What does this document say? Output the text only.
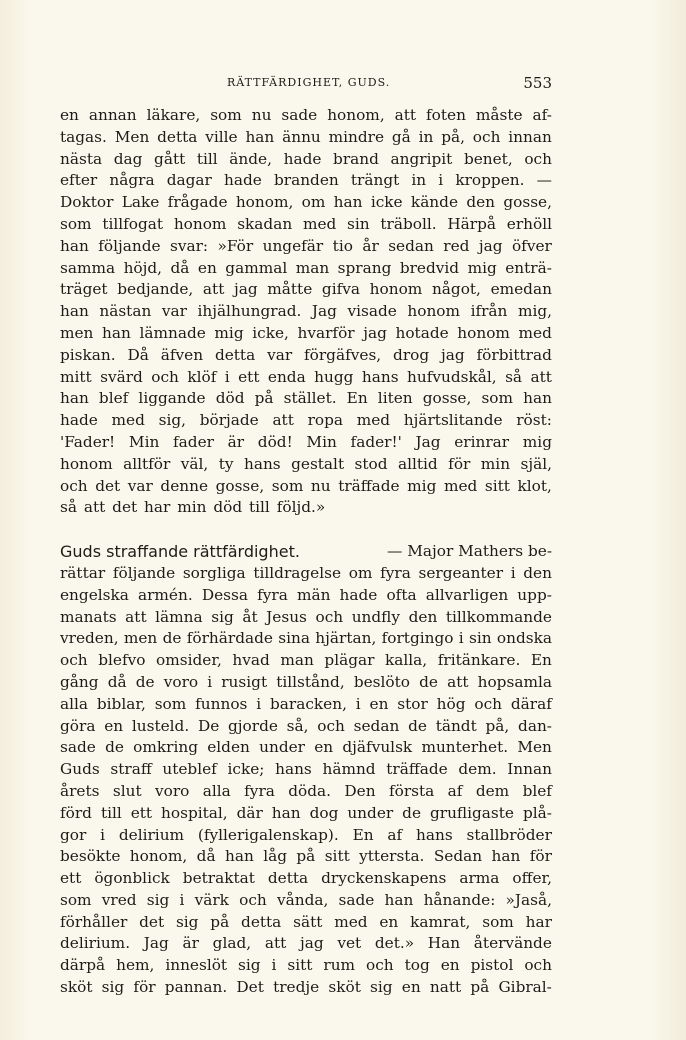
RÄTTFÄRDIGHET, GUDS.	553
en annan läkare, som nu sade honom, att foten måste af-
tagas. Men detta ville han ännu mindre gå in på, och innan
nästa dag gått till ände, hade brand angripit benet, och
efter några dagar hade branden trängt in i kroppen. —
Doktor Lake frågade honom, om han icke kände den gosse,
som tillfogat honom skadan med sin träboll. Härpå erhöll
han följande svar: »För ungefär tio år sedan red jag öfver
samma höjd, då en gammal man sprang bredvid mig enträ-
träget bedjande, att jag måtte gifva honom något, emedan
han nästan var ihjälhungrad. Jag visade honom ifrån mig,
men han lämnade mig icke, hvarför jag hotade honom med
piskan. Då äfven detta var förgäfves, drog jag förbittrad
mitt svärd och klöf i ett enda hugg hans hufvudskål, så att
han blef liggande död på stället. En liten gosse, som han
hade med sig, började att ropa med hjärtslitande röst:
'Fader! Min fader är död! Min fader!' Jag erinrar mig
honom alltför väl, ty hans gestalt stod alltid för min själ,
och det var denne gosse, som nu träffade mig med sitt klot,
så att det har min död till följd.»
Guds straffande rättfärdighet.	— Major Mathers be-
rättar följande sorgliga tilldragelse om fyra sergeanter i den
engelska armén. Dessa fyra män hade ofta allvarligen upp-
manats att lämna sig åt Jesus och undfly den tillkommande
vreden, men de förhärdade sina hjärtan, fortgingo i sin ondska
och blefvo omsider, hvad man plägar kalla, fritänkare. En
gång då de voro i rusigt tillstånd, beslöto de att hopsamla
alla biblar, som funnos i baracken, i en stor hög och däraf
göra en lusteld. De gjorde så, och sedan de tändt på, dan-
sade de omkring elden under en djäfvulsk munterhet. Men
Guds straff uteblef icke; hans hämnd träffade dem. Innan
årets slut voro alla fyra döda. Den första af dem blef
förd till ett hospital, där han dog under de grufligaste plå-
gor i delirium (fyllerigalenskap). En af hans stallbröder
besökte honom, då han låg på sitt yttersta. Sedan han för
ett ögonblick betraktat detta dryckenskapens arma offer,
som vred sig i värk och vånda, sade han hånande: »Jaså,
förhåller det sig på detta sätt med en kamrat, som har
delirium. Jag är glad, att jag vet det.» Han återvände
därpå hem, inneslöt sig i sitt rum och tog en pistol och
sköt sig för pannan. Det tredje sköt sig en natt på Gibral-
